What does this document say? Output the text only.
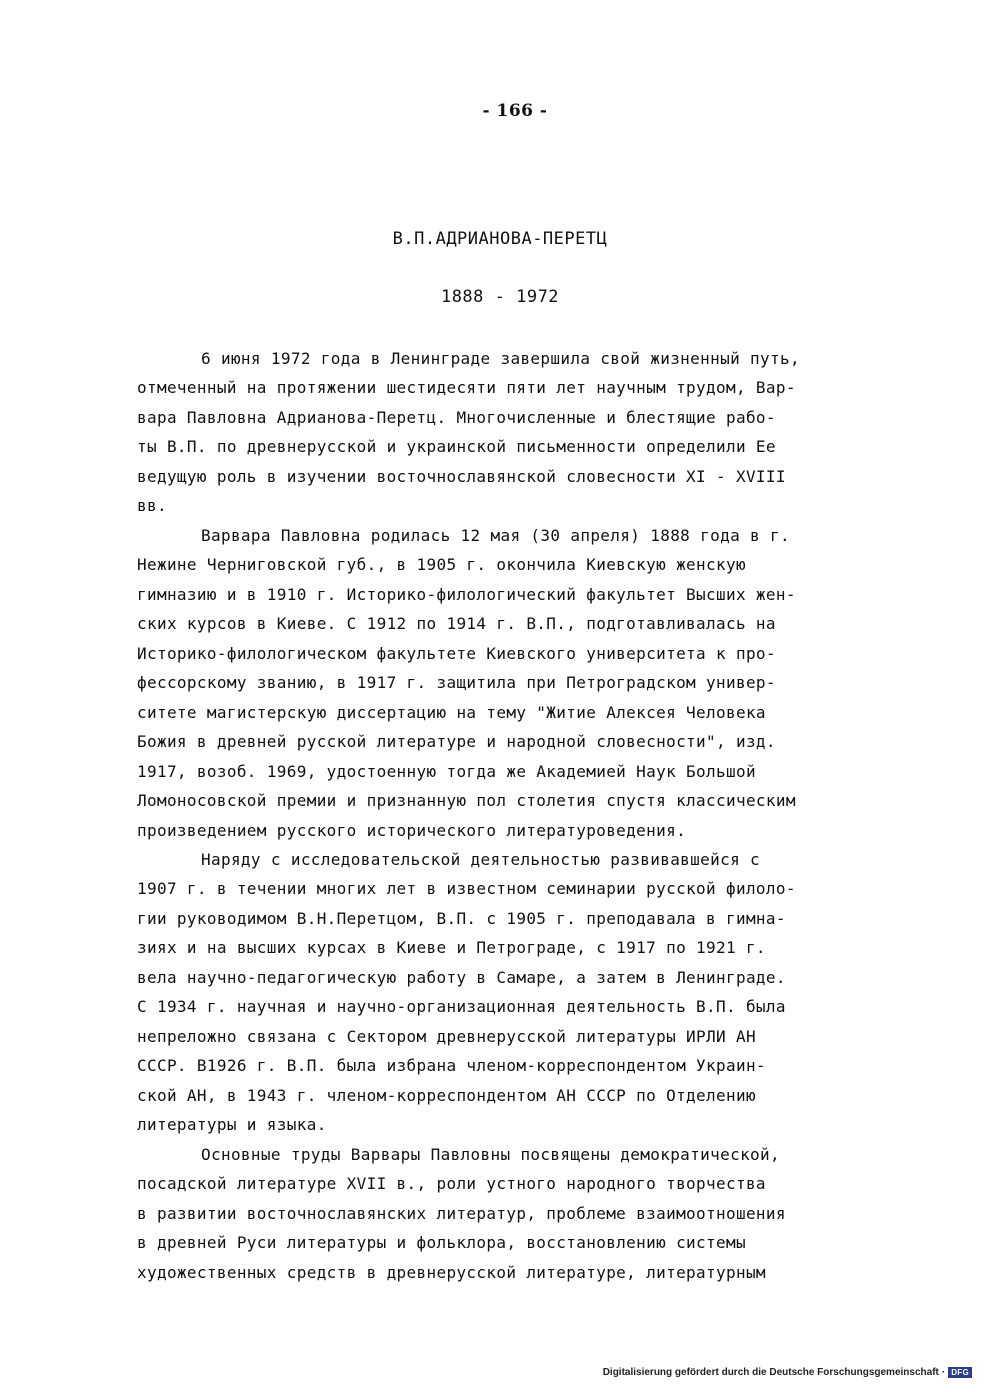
- 166 -
В.П.АДРИАНОВА-ПЕРЕТЦ
1888 - 1972
6 июня 1972 года в Ленинграде завершила свой жизненный путь,
отмеченный на протяжении шестидесяти пяти лет научным трудом, Вар-
вара Павловна Адрианова-Перетц. Многочисленные и блестящие рабо-
ты В.П. по древнерусской и украинской письменности определили Ее
ведущую роль в изучении восточнославянской словесности XI - XVIII
вв.
Варвара Павловна родилась 12 мая (30 апреля) 1888 года в г.
Нежине Черниговской губ., в 1905 г. окончила Киевскую женскую
гимназию и в 1910 г. Историко-филологический факультет Высших жен-
ских курсов в Киеве. С 1912 по 1914 г. В.П., подготавливалась на
Историко-филологическом факультете Киевского университета к про-
фессорскому званию, в 1917 г. защитила при Петроградском универ-
ситете магистерскую диссертацию на тему "Житие Алексея Человека
Божия в древней русской литературе и народной словесности", изд.
1917, возоб. 1969, удостоенную тогда же Академией Наук Большой
Ломоносовской премии и признанную пол столетия спустя классическим
произведением русского исторического литературоведения.
Наряду с исследовательской деятельностью развивавшейся с
1907 г. в течении многих лет в известном семинарии русской филоло-
гии руководимом В.Н.Перетцом, В.П. с 1905 г. преподавала в гимна-
зиях и на высших курсах в Киеве и Петрограде, с 1917 по 1921 г.
вела научно-педагогическую работу в Самаре, а затем в Ленинграде.
С 1934 г. научная и научно-организационная деятельность В.П. была
непреложно связана с Сектором древнерусской литературы ИРЛИ АН
СССР. В1926 г. В.П. была избрана членом-корреспондентом Украин-
ской АН, в 1943 г. членом-корреспондентом АН СССР по Отделению
литературы и языка.
Основные труды Варвары Павловны посвящены демократической,
посадской литературе XVII в., роли устного народного творчества
в развитии восточнославянских литератур, проблеме взаимоотношения
в древней Руси литературы и фольклора, восстановлению системы
художественных средств в древнерусской литературе, литературным
Digitalisierung gefördert durch die Deutsche Forschungsgemeinschaft · DFG
